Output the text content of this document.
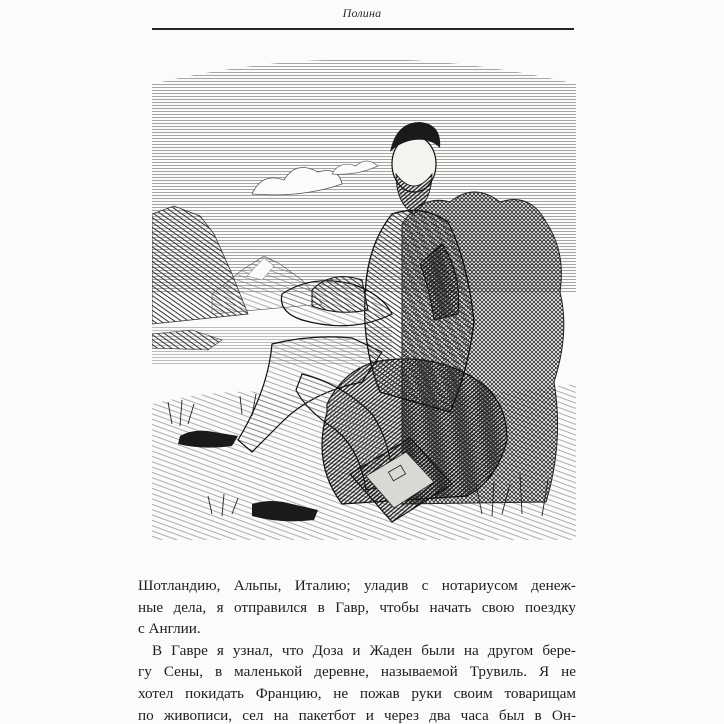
Полина

Шотландию, Альпы, Италию; уладив с нотариусом денеж-
ные дела, я отправился в Гавр, чтобы начать свою поездку
с Англии.

В Гавре я узнал, что Доза и Жаден были на другом бере-
гу Сены, в маленькой деревне, называемой Трувиль. Я не
хотел покидать Францию, не пожав руки своим товарищам
по живописи, сел на пакетбот и через два часа был в Он-
